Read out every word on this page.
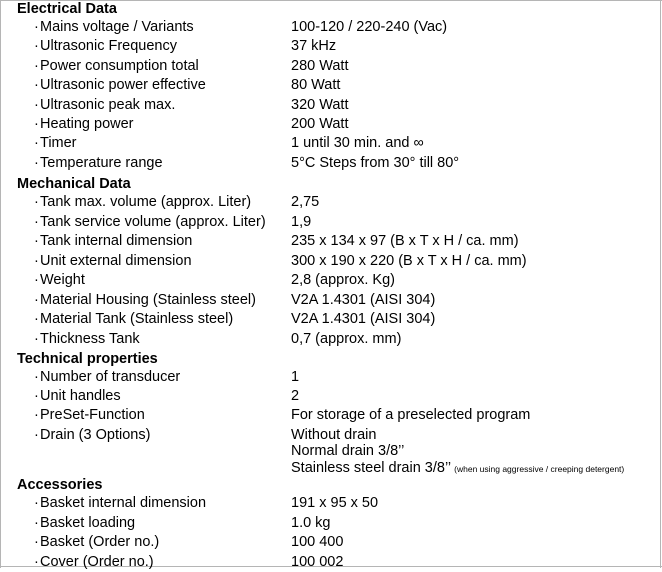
Electrical Data
· Mains voltage / Variants	100-120 / 220-240 (Vac)
· Ultrasonic Frequency	37 kHz
· Power consumption total	280 Watt
· Ultrasonic power effective	80 Watt
· Ultrasonic peak max.	320 Watt
· Heating power	200 Watt
· Timer	1 until 30 min. and ∞
· Temperature range	5°C Steps from 30° till 80°
Mechanical Data
· Tank max. volume (approx. Liter)	2,75
· Tank service volume (approx. Liter) 1,9
· Tank internal dimension	235 x 134 x 97 (B x T x H / ca. mm)
· Unit external dimension	300 x 190 x 220 (B x T x H / ca. mm)
· Weight	2,8 (approx. Kg)
· Material Housing (Stainless steel) V2A 1.4301 (AISI 304)
· Material Tank (Stainless steel)	V2A 1.4301 (AISI 304)
· Thickness Tank	0,7 (approx. mm)
Technical properties
· Number of transducer	1
· Unit handles	2
· PreSet-Function	For storage of a preselected program
· Drain (3 Options)	Without drain
Normal drain 3/8’’
Stainless steel drain 3/8’’ (when using aggressive / creeping detergent)
Accessories
· Basket internal dimension	191 x 95 x 50
· Basket loading	1.0 kg
· Basket (Order no.)	100 400
· Cover (Order no.)	100 002
